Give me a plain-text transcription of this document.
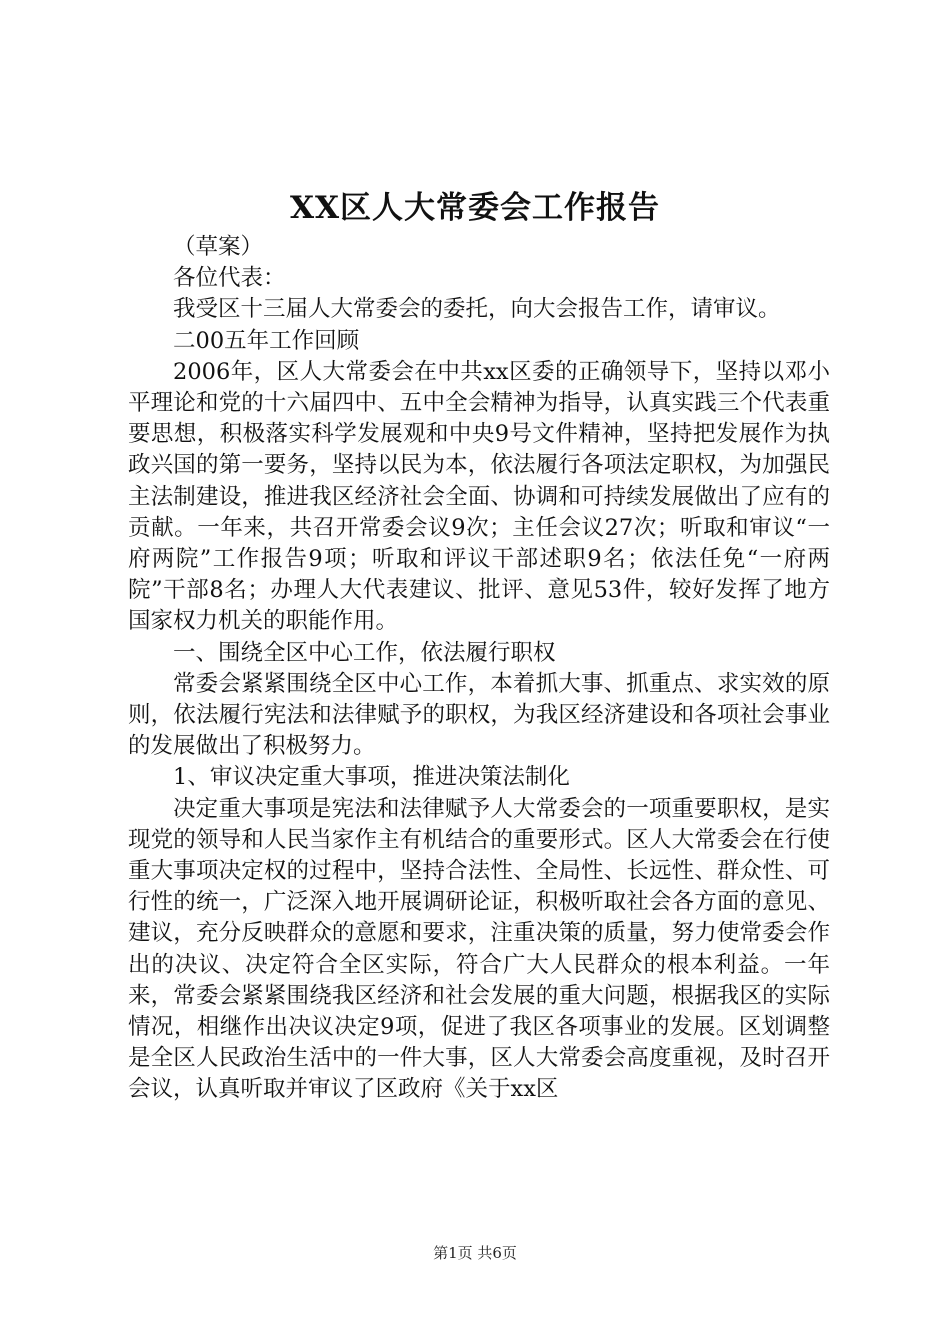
XX区人大常委会工作报告

（草案）

各位代表：

我受区十三届人大常委会的委托，向大会报告工作，请审议。

二00五年工作回顾

2006年，区人大常委会在中共xx区委的正确领导下，坚持以邓小平理论和党的十六届四中、五中全会精神为指导，认真实践三个代表重要思想，积极落实科学发展观和中央9号文件精神，坚持把发展作为执政兴国的第一要务，坚持以民为本，依法履行各项法定职权，为加强民主法制建设，推进我区经济社会全面、协调和可持续发展做出了应有的贡献。一年来，共召开常委会议9次；主任会议27次；听取和审议“一府两院”工作报告9项；听取和评议干部述职9名；依法任免“一府两院”干部8名；办理人大代表建议、批评、意见53件，较好发挥了地方国家权力机关的职能作用。

一、围绕全区中心工作，依法履行职权

常委会紧紧围绕全区中心工作，本着抓大事、抓重点、求实效的原则，依法履行宪法和法律赋予的职权，为我区经济建设和各项社会事业的发展做出了积极努力。

1、审议决定重大事项，推进决策法制化

决定重大事项是宪法和法律赋予人大常委会的一项重要职权，是实现党的领导和人民当家作主有机结合的重要形式。区人大常委会在行使重大事项决定权的过程中，坚持合法性、全局性、长远性、群众性、可行性的统一，广泛深入地开展调研论证，积极听取社会各方面的意见、建议，充分反映群众的意愿和要求，注重决策的质量，努力使常委会作出的决议、决定符合全区实际，符合广大人民群众的根本利益。一年来，常委会紧紧围绕我区经济和社会发展的重大问题，根据我区的实际情况，相继作出决议决定9项，促进了我区各项事业的发展。区划调整是全区人民政治生活中的一件大事，区人大常委会高度重视，及时召开会议，认真听取并审议了区政府《关于xx区

第1页 共6页
